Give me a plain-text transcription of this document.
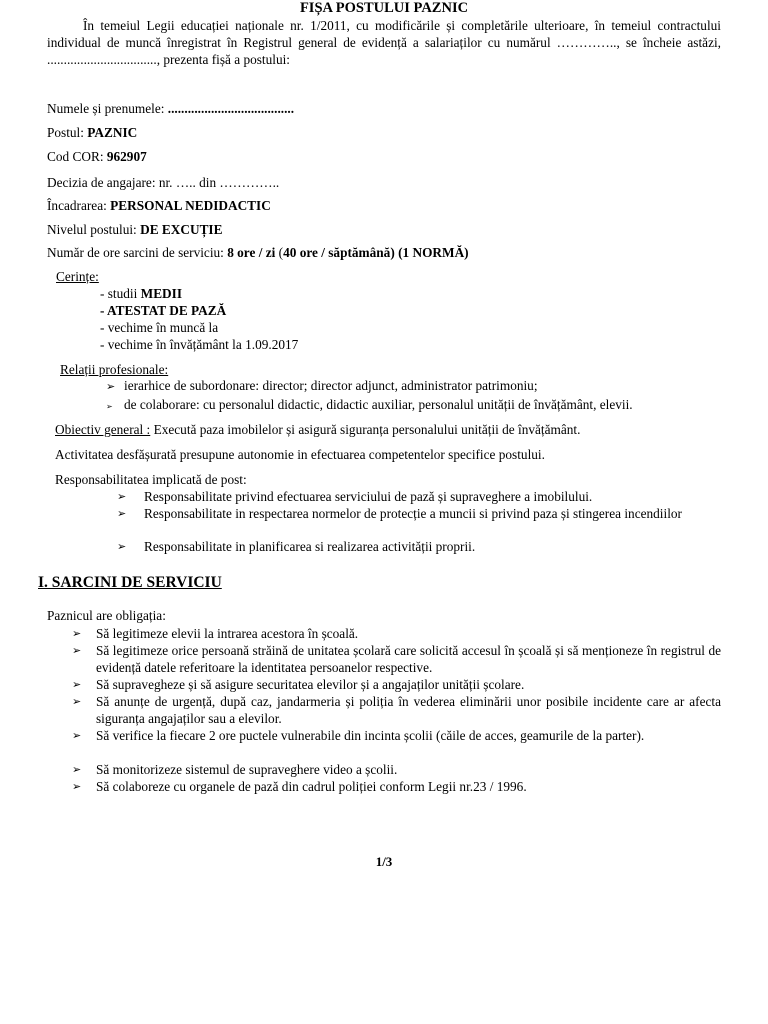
FIȘA POSTULUI PAZNIC
În temeiul Legii educației naționale nr. 1/2011, cu modificările și completările ulterioare, în temeiul contractului individual de muncă înregistrat în Registrul general de evidență a salariaților cu numărul ………….., se încheie astăzi, ................................., prezenta fișă a postului:
Numele și prenumele: ......................................
Postul: PAZNIC
Cod COR: 962907
Decizia de angajare: nr. ….. din …………..
Încadrarea: PERSONAL NEDIDACTIC
Nivelul postului: DE EXCUȚIE
Număr de ore sarcini de serviciu: 8 ore / zi (40 ore / săptămână) (1 NORMĂ)
Cerințe:
- studii MEDII
- ATESTAT DE PAZĂ
- vechime în muncă la
- vechime în învățământ la 1.09.2017
Relații profesionale:
➢ ierarhice de subordonare: director; director adjunct, administrator patrimoniu;
➢ de colaborare: cu personalul didactic, didactic auxiliar, personalul unității de învățământ, elevii.
Obiectiv general : Execută paza imobilelor și asigură siguranța personalului unității de învățământ.
Activitatea desfășurată presupune autonomie in efectuarea competentelor specifice postului.
Responsabilitatea implicată de post:
➢ Responsabilitate privind efectuarea serviciului de pază și supraveghere a imobilului.
➢ Responsabilitate in respectarea normelor de protecție a muncii si privind paza și stingerea incendiilor
➢ Responsabilitate in planificarea si realizarea activității proprii.
I. SARCINI DE SERVICIU
Paznicul are obligația:
➢ Să legitimeze elevii la intrarea acestora în școală.
➢ Să legitimeze orice persoană străină de unitatea școlară care solicită accesul în școală și să menționeze în registrul de evidență datele referitoare la identitatea persoanelor respective.
➢ Să supravegheze și să asigure securitatea elevilor și a angajaților unității școlare.
➢ Să anunțe de urgență, după caz, jandarmeria și poliția în vederea eliminării unor posibile incidente care ar afecta siguranța angajaților sau a elevilor.
➢ Să verifice la fiecare 2 ore puctele vulnerabile din incinta școlii (căile de acces, geamurile de la parter).
➢ Să monitorizeze sistemul de supraveghere video a școlii.
➢ Să colaboreze cu organele de pază din cadrul poliției conform Legii nr.23 / 1996.
1/3
